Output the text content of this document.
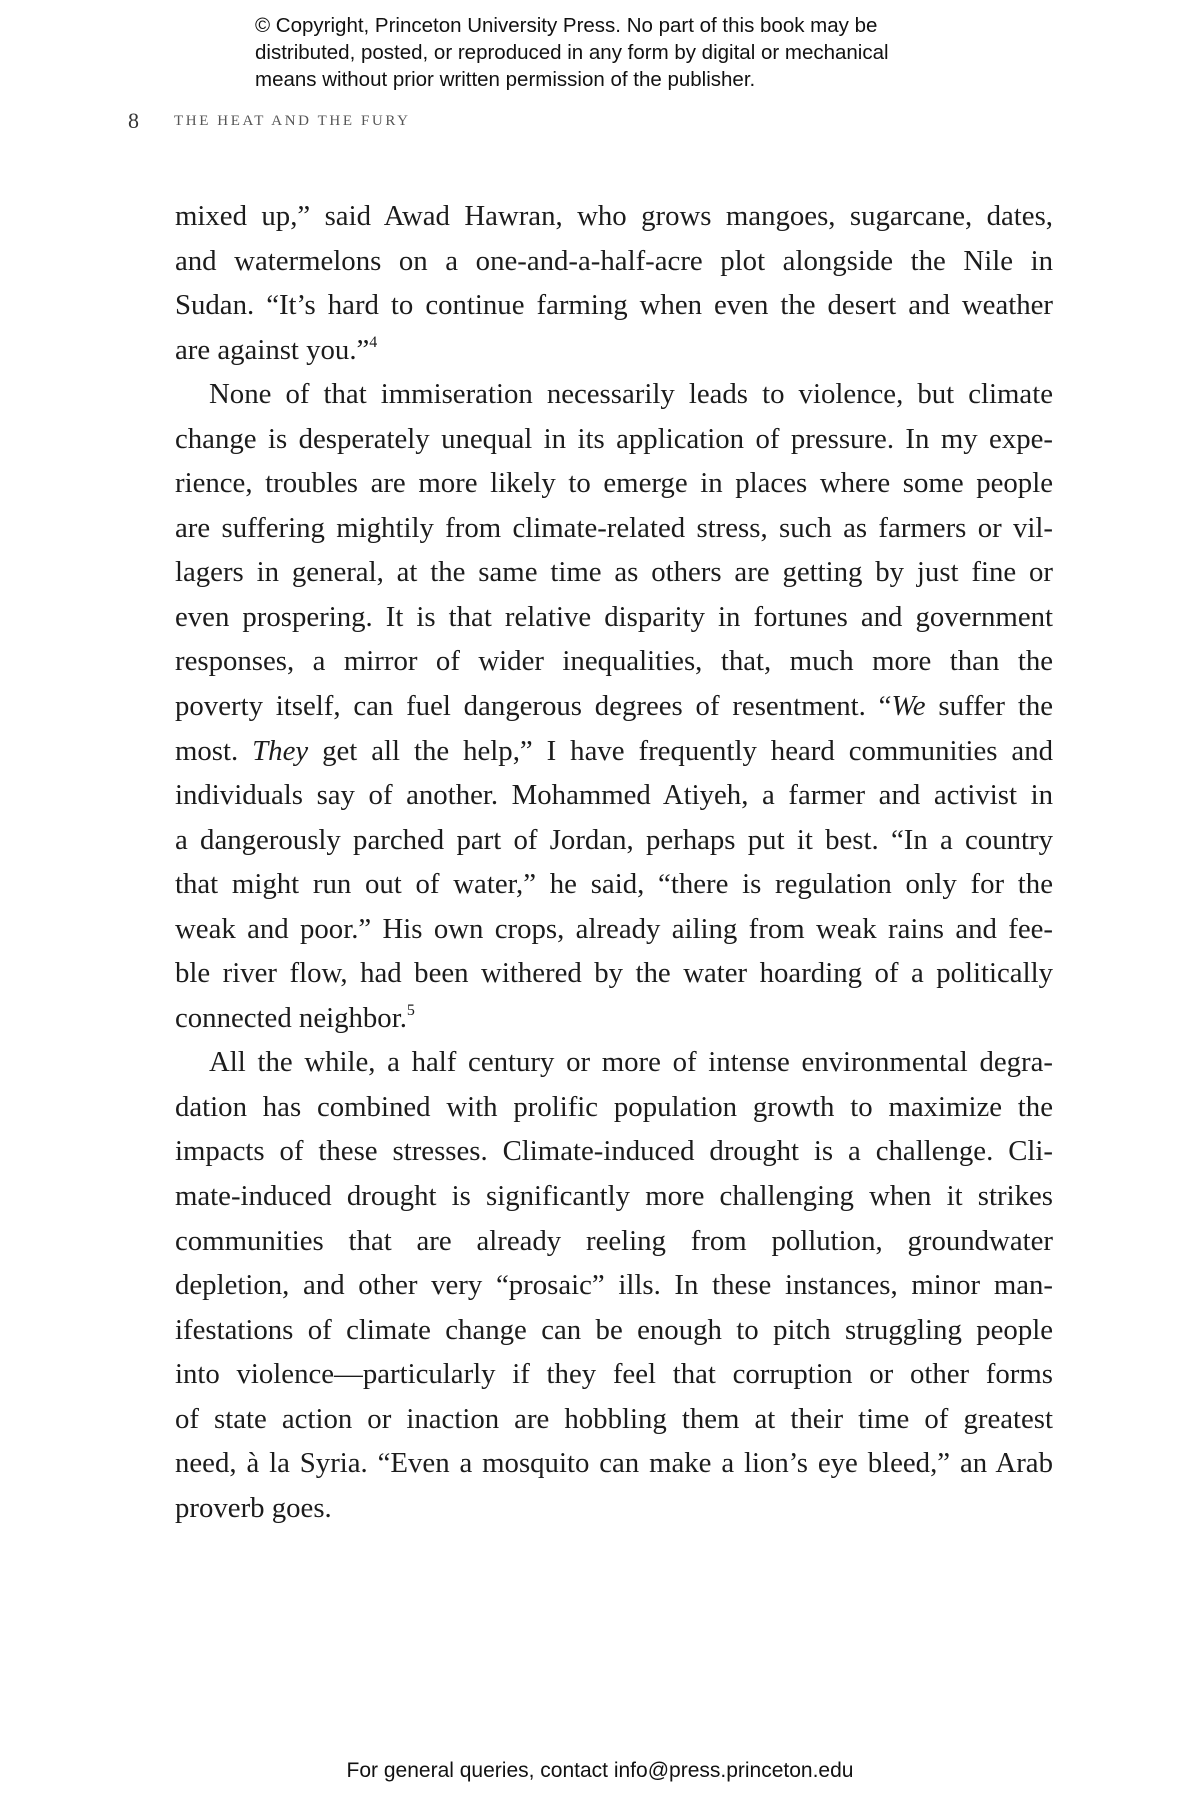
© Copyright, Princeton University Press. No part of this book may be
distributed, posted, or reproduced in any form by digital or mechanical
means without prior written permission of the publisher.
8 THE HEAT AND THE FURY
mixed up,” said Awad Hawran, who grows mangoes, sugarcane, dates,
and watermelons on a one-and-a-half-acre plot alongside the Nile in
Sudan. “It’s hard to continue farming when even the desert and weather
are against you.”$^4$
None of that immiseration necessarily leads to violence, but climate
change is desperately unequal in its application of pressure. In my expe-
rience, troubles are more likely to emerge in places where some people
are suffering mightily from climate-related stress, such as farmers or vil-
lagers in general, at the same time as others are getting by just fine or
even prospering. It is that relative disparity in fortunes and government
responses, a mirror of wider inequalities, that, much more than the
poverty itself, can fuel dangerous degrees of resentment. “We suffer the
most. They get all the help,” I have frequently heard communities and
individuals say of another. Mohammed Atiyeh, a farmer and activist in
a dangerously parched part of Jordan, perhaps put it best. “In a country
that might run out of water,” he said, “there is regulation only for the
weak and poor.” His own crops, already ailing from weak rains and fee-
ble river flow, had been withered by the water hoarding of a politically
connected neighbor.$^5$
All the while, a half century or more of intense environmental degra-
dation has combined with prolific population growth to maximize the
impacts of these stresses. Climate-induced drought is a challenge. Cli-
mate-induced drought is significantly more challenging when it strikes
communities that are already reeling from pollution, groundwater
depletion, and other very “prosaic” ills. In these instances, minor man-
ifestations of climate change can be enough to pitch struggling people
into violence—particularly if they feel that corruption or other forms
of state action or inaction are hobbling them at their time of greatest
need, à la Syria. “Even a mosquito can make a lion’s eye bleed,” an Arab
proverb goes.
For general queries, contact info@press.princeton.edu
